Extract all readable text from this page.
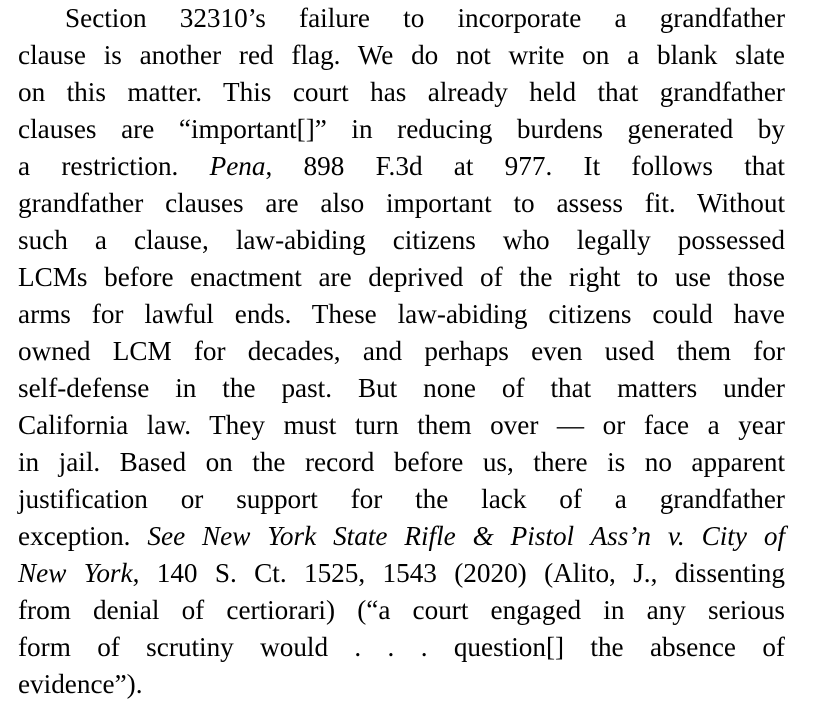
Section 32310’s failure to incorporate a grandfather
clause is another red flag. We do not write on a blank slate
on this matter. This court has already held that grandfather
clauses are “important[]” in reducing burdens generated by
a restriction. Pena, 898 F.3d at 977. It follows that
grandfather clauses are also important to assess fit. Without
such a clause, law-abiding citizens who legally possessed
LCMs before enactment are deprived of the right to use those
arms for lawful ends. These law-abiding citizens could have
owned LCM for decades, and perhaps even used them for
self-defense in the past. But none of that matters under
California law. They must turn them over — or face a year
in jail. Based on the record before us, there is no apparent
justification or support for the lack of a grandfather
exception. See New York State Rifle & Pistol Ass’n v. City of
New York, 140 S. Ct. 1525, 1543 (2020) (Alito, J., dissenting
from denial of certiorari) (“a court engaged in any serious
form of scrutiny would . . . question[] the absence of
evidence”).
